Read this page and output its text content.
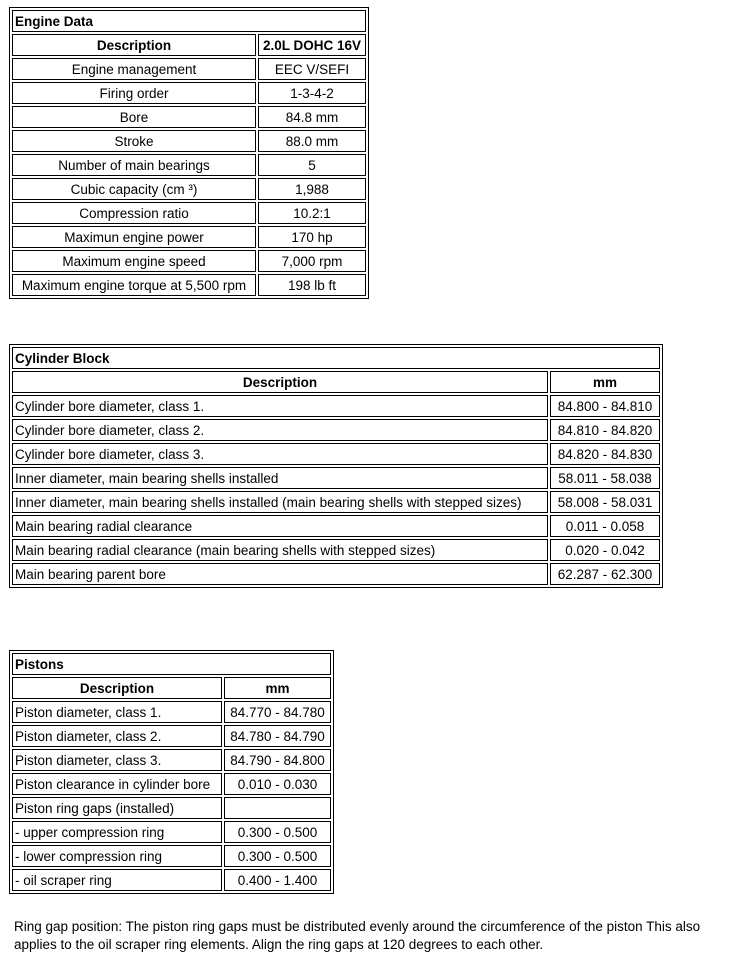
Engine Data	
Description	2.0L DOHC 16V
Engine management	EEC V/SEFI
Firing order	1-3-4-2
Bore	84.8 mm
Stroke	88.0 mm
Number of main bearings	5
Cubic capacity (cm ³)	1,988
Compression ratio	10.2:1
Maximun engine power	170 hp
Maximum engine speed	7,000 rpm
Maximum engine torque at 5,500 rpm	198 lb ft
Cylinder Block	
Description	mm
Cylinder bore diameter, class 1.	84.800 - 84.810
Cylinder bore diameter, class 2.	84.810 - 84.820
Cylinder bore diameter, class 3.	84.820 - 84.830
Inner diameter, main bearing shells installed	58.011 - 58.038
Inner diameter, main bearing shells installed (main bearing shells with stepped sizes)	58.008 - 58.031
Main bearing radial clearance	0.011 - 0.058
Main bearing radial clearance (main bearing shells with stepped sizes)	0.020 - 0.042
Main bearing parent bore	62.287 - 62.300
Pistons	
Description	mm
Piston diameter, class 1.	84.770 - 84.780
Piston diameter, class 2.	84.780 - 84.790
Piston diameter, class 3.	84.790 - 84.800
Piston clearance in cylinder bore	0.010 - 0.030
Piston ring gaps (installed)	
- upper compression ring	0.300 - 0.500
- lower compression ring	0.300 - 0.500
- oil scraper ring	0.400 - 1.400

Ring gap position: The piston ring gaps must be distributed evenly around the circumference of the piston This also applies to the oil scraper ring elements. Align the ring gaps at 120 degrees to each other.
